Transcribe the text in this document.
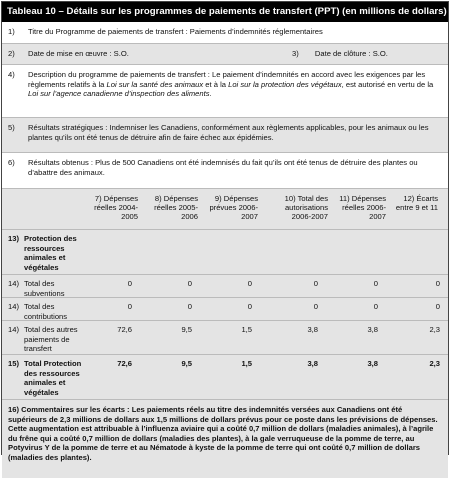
Tableau 10 – Détails sur les programmes de paiements de transfert (PPT) (en millions de dollars)
1) Titre du Programme de paiements de transfert : Paiements d’indemnités réglementaires
2) Date de mise en œuvre : S.O.	3) Date de clôture : S.O.
4) Description du programme de paiements de transfert : Le paiement d’indemnités en accord avec les exigences par les règlements relatifs à la Loi sur la santé des animaux et à la Loi sur la protection des végétaux, est autorisé en vertu de la Loi sur l’agence canadienne d’inspection des aliments.
5) Résultats stratégiques : Indemniser les Canadiens, conformément aux règlements applicables, pour les animaux ou les plantes qu’ils ont été tenus de détruire afin de faire échec aux épidémies.
6) Résultats obtenus : Plus de 500 Canadiens ont été indemnisés du fait qu’ils ont été tenus de détruire des plantes ou d’abattre des animaux.
7) Dépenses réelles 2004-2005
8) Dépenses réelles 2005-2006
9) Dépenses prévues 2006-2007
10) Total des autorisations 2006-2007
11) Dépenses réelles 2006-2007
12) Écarts entre 9 et 11
13) Protection des ressources animales et végétales
14) Total des subventions
0	0	0	0	0	0
14) Total des contributions
0	0	0	0	0	0
14) Total des autres paiements de transfert
72,6	9,5	1,5	3,8	3,8	2,3
15) Total Protection des ressources animales et végétales
72,6	9,5	1,5	3,8	3,8	2,3
16) Commentaires sur les écarts : Les paiements réels au titre des indemnités versées aux Canadiens ont été supérieurs de 2,3 millions de dollars aux 1,5 millions de dollars prévus pour ce poste dans les prévisions de dépenses. Cette augmentation est attribuable à l’influenza aviaire qui a coûté 0,7 million de dollars (maladies animales), à l’agrile du frêne qui a coûté 0,7 million de dollars (maladies des plantes), à la gale verruqueuse de la pomme de terre, au Potyvirus Y de la pomme de terre et au Nématode à kyste de la pomme de terre qui ont coûté 0,7 million de dollars (maladies des plantes).
